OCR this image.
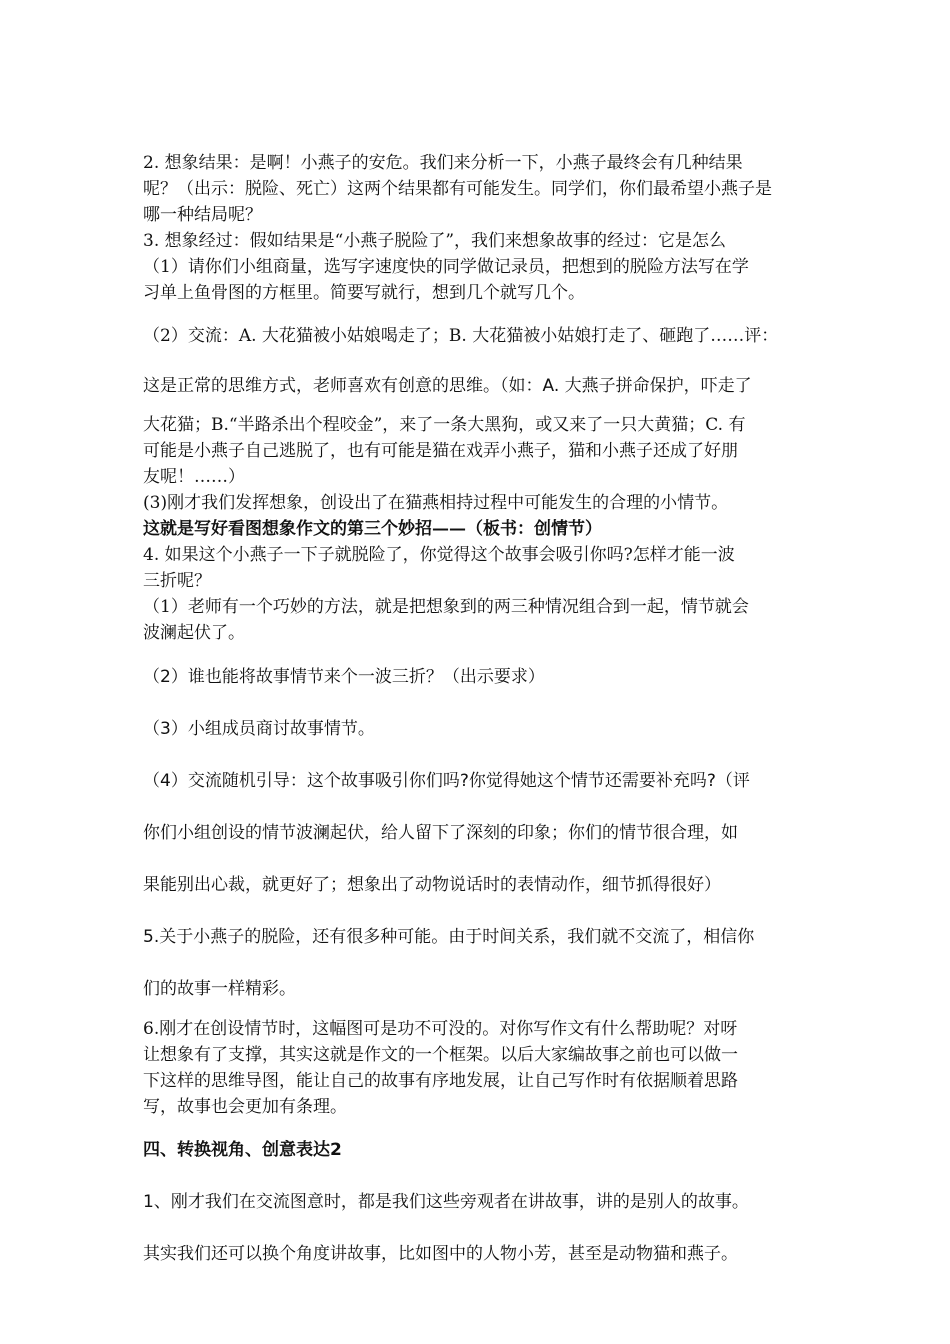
2. 想象结果：是啊！小燕子的安危。我们来分析一下，小燕子最终会有几种结果

呢？（出示：脱险、死亡）这两个结果都有可能发生。同学们，你们最希望小燕子是

哪一种结局呢？

3. 想象经过：假如结果是“小燕子脱险了”，我们来想象故事的经过：它是怎么

（1）请你们小组商量，选写字速度快的同学做记录员，把想到的脱险方法写在学

习单上鱼骨图的方框里。简要写就行，想到几个就写几个。

（2）交流：A. 大花猫被小姑娘喝走了；B. 大花猫被小姑娘打走了、砸跑了……评：

这是正常的思维方式，老师喜欢有创意的思维。（如：A. 大燕子拼命保护，吓走了

大花猫；B.“半路杀出个程咬金”，来了一条大黑狗，或又来了一只大黄猫；C. 有

可能是小燕子自己逃脱了，也有可能是猫在戏弄小燕子，猫和小燕子还成了好朋

友呢！……）

(3)刚才我们发挥想象，创设出了在猫燕相持过程中可能发生的合理的小情节。

这就是写好看图想象作文的第三个妙招——（板书：创情节）

4. 如果这个小燕子一下子就脱险了，你觉得这个故事会吸引你吗?怎样才能一波

三折呢？

（1）老师有一个巧妙的方法，就是把想象到的两三种情况组合到一起，情节就会

波澜起伏了。

（2）谁也能将故事情节来个一波三折？（出示要求）

（3）小组成员商讨故事情节。

（4）交流随机引导：这个故事吸引你们吗?你觉得她这个情节还需要补充吗?（评

你们小组创设的情节波澜起伏，给人留下了深刻的印象；你们的情节很合理，如

果能别出心裁，就更好了；想象出了动物说话时的表情动作，细节抓得很好）

5.关于小燕子的脱险，还有很多种可能。由于时间关系，我们就不交流了，相信你

们的故事一样精彩。

6.刚才在创设情节时，这幅图可是功不可没的。对你写作文有什么帮助呢？对呀

让想象有了支撑，其实这就是作文的一个框架。以后大家编故事之前也可以做一

下这样的思维导图，能让自己的故事有序地发展，让自己写作时有依据顺着思路

写，故事也会更加有条理。

四、转换视角、创意表达2

1、刚才我们在交流图意时，都是我们这些旁观者在讲故事，讲的是别人的故事。

其实我们还可以换个角度讲故事，比如图中的人物小芳，甚至是动物猫和燕子。
